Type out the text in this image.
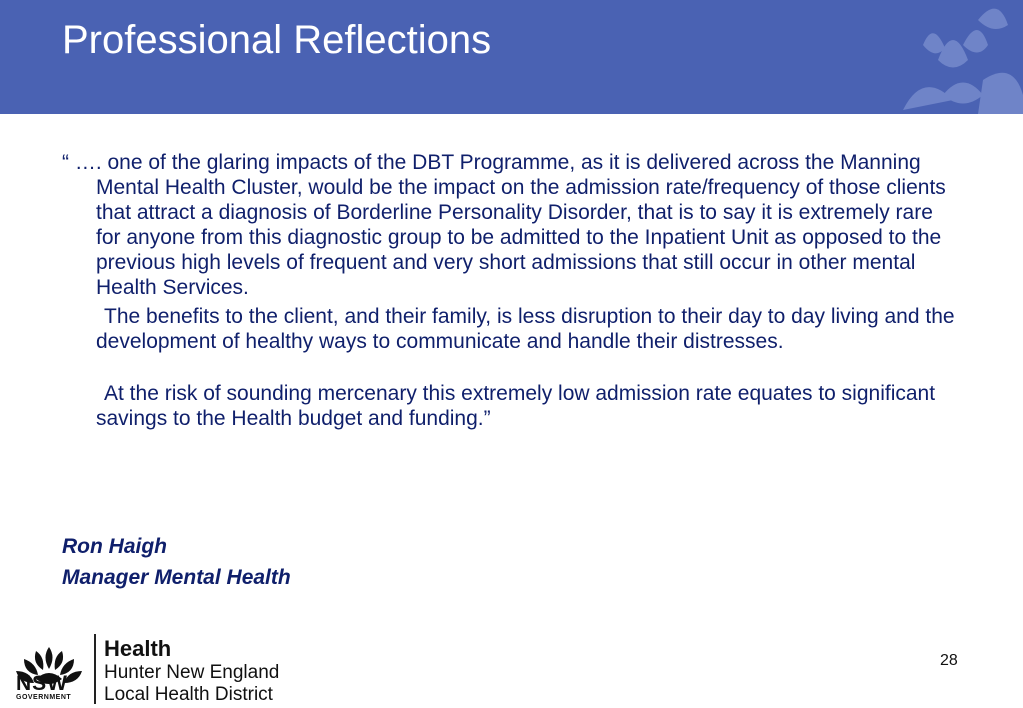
Professional Reflections

“ …. one of the glaring impacts of the DBT Programme, as it is delivered across the Manning Mental Health Cluster, would be the impact on the admission rate/frequency of those clients that attract a diagnosis of Borderline Personality Disorder, that is to say it is extremely rare for anyone from this diagnostic group to be admitted to the Inpatient Unit as opposed to the previous high levels of frequent and very short admissions that still occur in other mental Health Services.

The benefits to the client, and their family, is less disruption to their day to day living and the development of healthy ways to communicate and handle their distresses.

At the risk of sounding mercenary this extremely low admission rate equates to significant savings to the Health budget and funding.”

Ron Haigh
Manager Mental Health
NSW
GOVERNMENT
Health
Hunter New England
Local Health District
28
